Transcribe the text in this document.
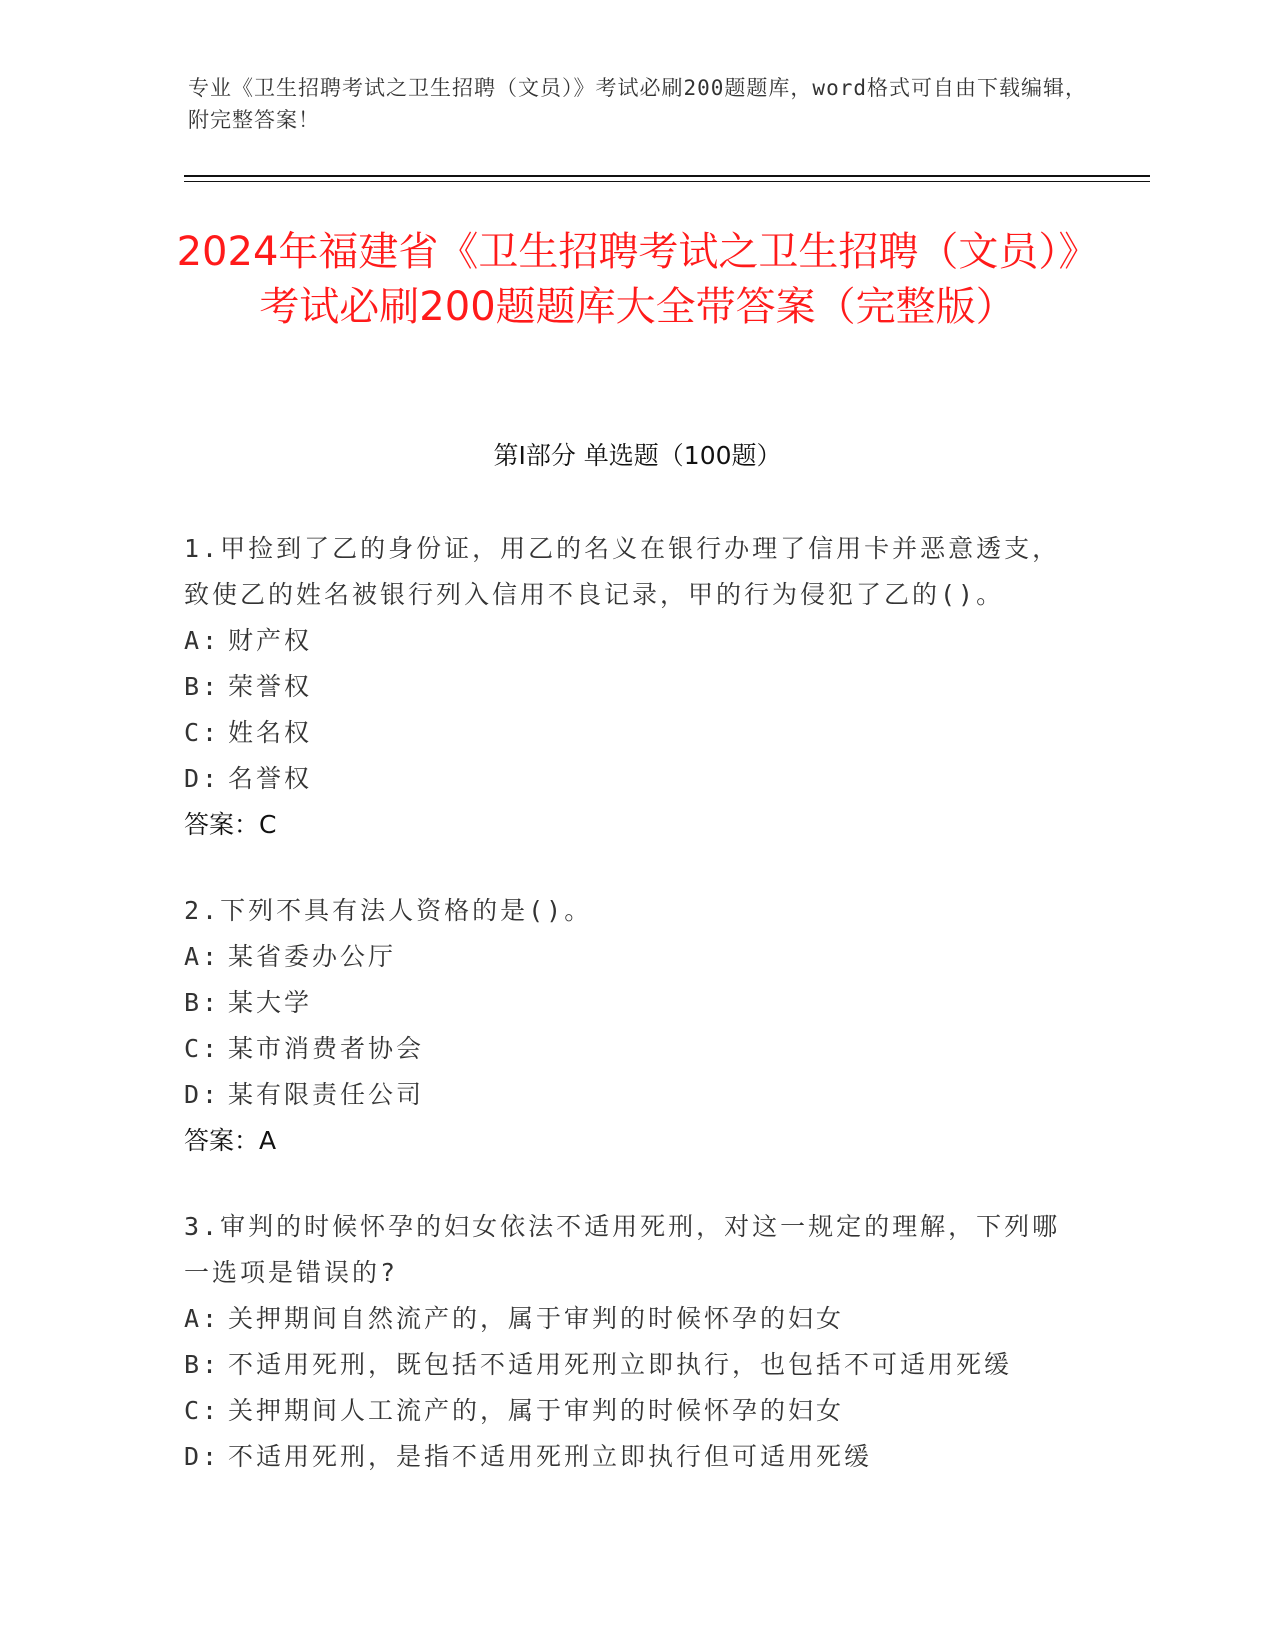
专业《卫生招聘考试之卫生招聘（文员）》考试必刷200题题库，word格式可自由下载编辑，附完整答案！
2024年福建省《卫生招聘考试之卫生招聘（文员）》考试必刷200题题库大全带答案（完整版）
第I部分 单选题（100题）

1.甲捡到了乙的身份证，用乙的名义在银行办理了信用卡并恶意透支，致使乙的姓名被银行列入信用不良记录，甲的行为侵犯了乙的()。

A: 财产权
B: 荣誉权
C: 姓名权
D: 名誉权

答案：C

2.下列不具有法人资格的是()。

A: 某省委办公厅
B: 某大学
C: 某市消费者协会
D: 某有限责任公司

答案：A

3.审判的时候怀孕的妇女依法不适用死刑，对这一规定的理解，下列哪一选项是错误的?

A: 关押期间自然流产的，属于审判的时候怀孕的妇女
B: 不适用死刑，既包括不适用死刑立即执行，也包括不可适用死缓
C: 关押期间人工流产的，属于审判的时候怀孕的妇女
D: 不适用死刑，是指不适用死刑立即执行但可适用死缓
